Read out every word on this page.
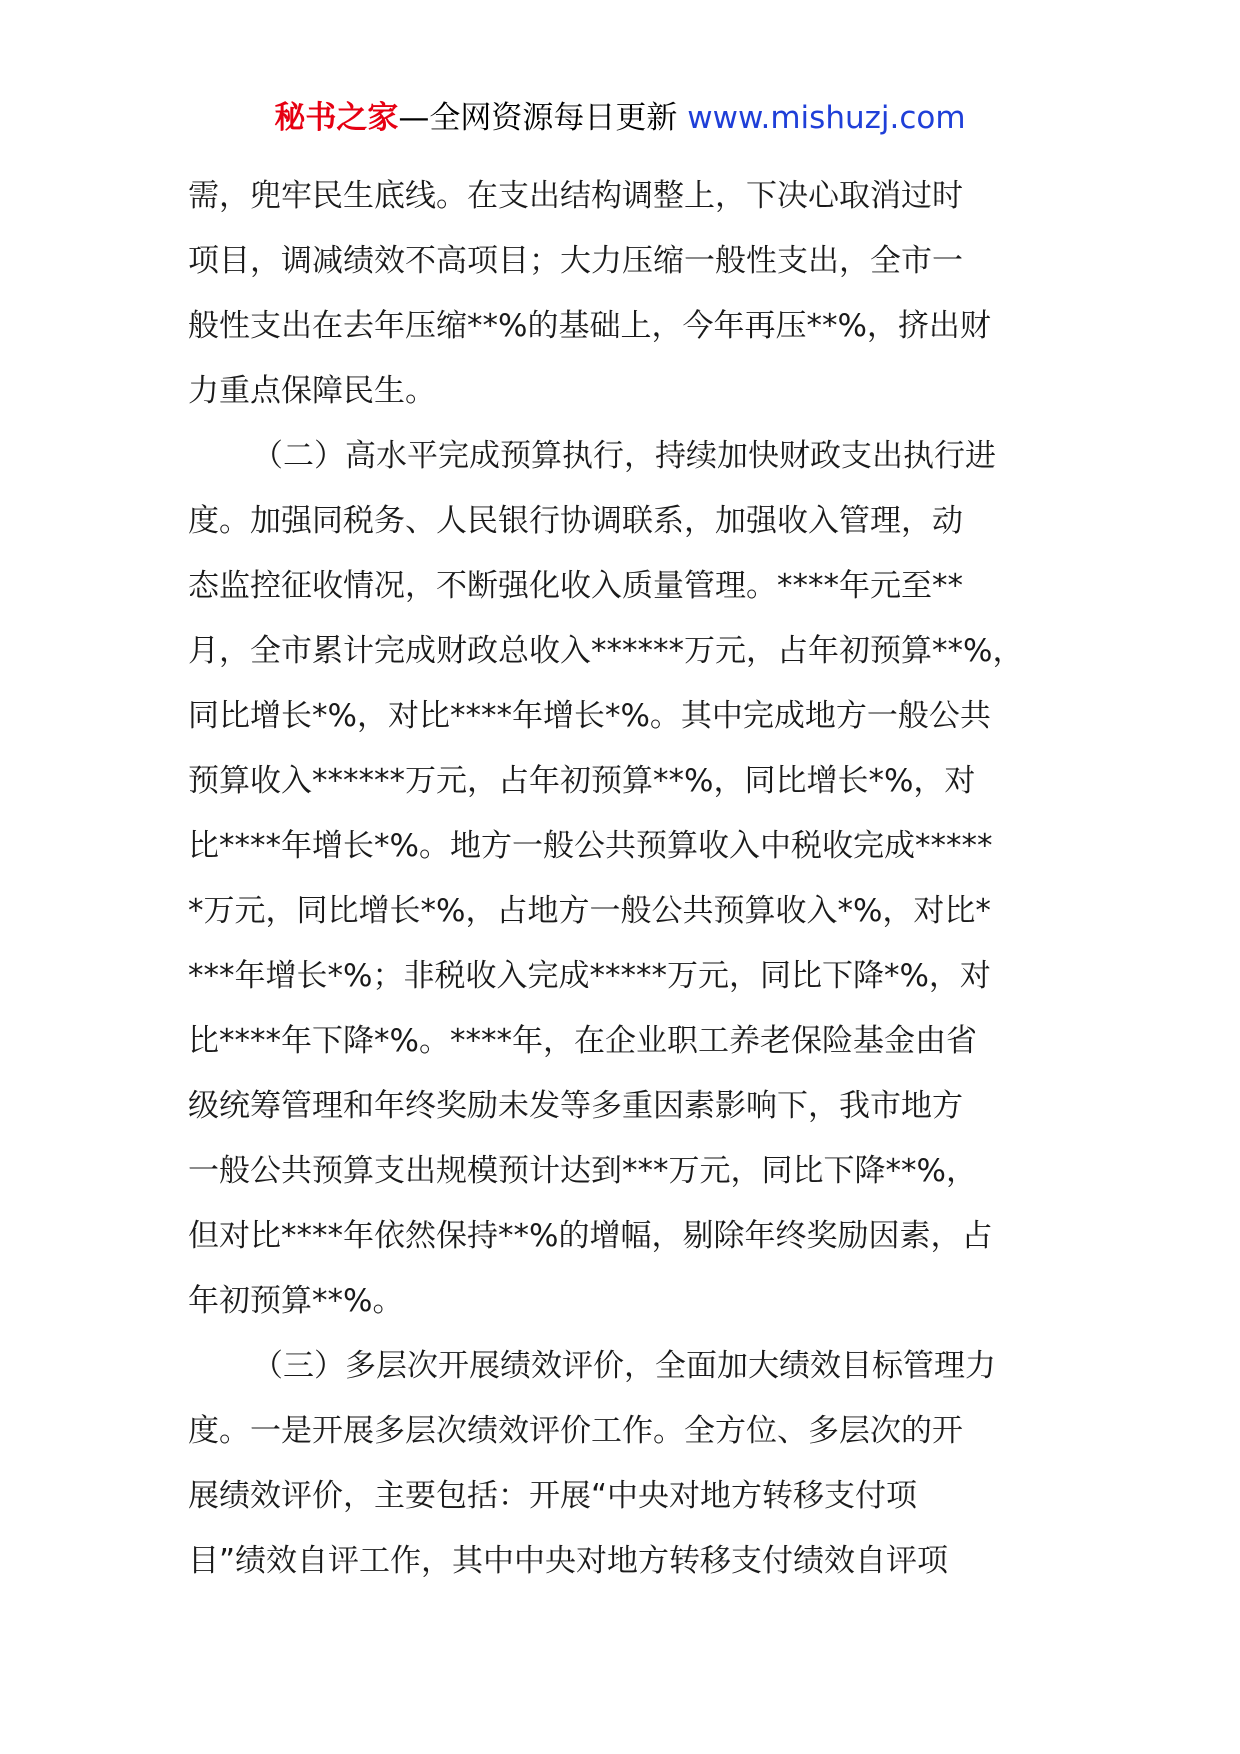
秘书之家—全网资源每日更新 www.mishuzj.com

需，兜牢民生底线。在支出结构调整上，下决心取消过时
项目，调减绩效不高项目；大力压缩一般性支出，全市一
般性支出在去年压缩**%的基础上，今年再压**%，挤出财
力重点保障民生。

（二）高水平完成预算执行，持续加快财政支出执行进
度。加强同税务、人民银行协调联系，加强收入管理，动
态监控征收情况，不断强化收入质量管理。****年元至**
月，全市累计完成财政总收入******万元，占年初预算**%，
同比增长*%，对比****年增长*%。其中完成地方一般公共
预算收入******万元，占年初预算**%，同比增长*%，对
比****年增长*%。地方一般公共预算收入中税收完成*****
*万元，同比增长*%，占地方一般公共预算收入*%，对比*
***年增长*%；非税收入完成*****万元，同比下降*%，对
比****年下降*%。****年，在企业职工养老保险基金由省
级统筹管理和年终奖励未发等多重因素影响下，我市地方
一般公共预算支出规模预计达到***万元，同比下降**%，
但对比****年依然保持**%的增幅，剔除年终奖励因素，占
年初预算**%。

（三）多层次开展绩效评价，全面加大绩效目标管理力
度。一是开展多层次绩效评价工作。全方位、多层次的开
展绩效评价，主要包括：开展“中央对地方转移支付项
目”绩效自评工作，其中中央对地方转移支付绩效自评项
